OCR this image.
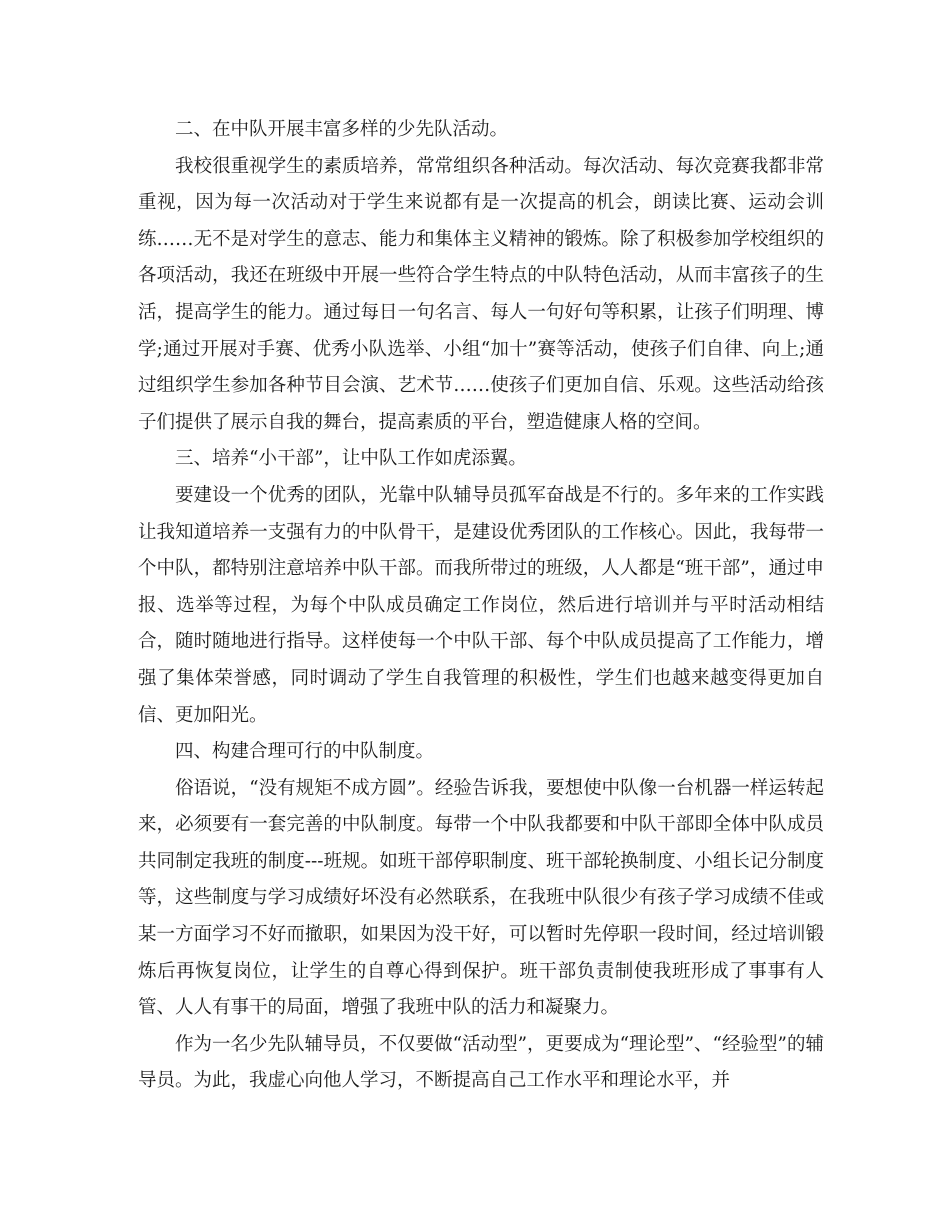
二、在中队开展丰富多样的少先队活动。

我校很重视学生的素质培养，常常组织各种活动。每次活动、每次竞赛我都非常重视，因为每一次活动对于学生来说都有是一次提高的机会，朗读比赛、运动会训练……无不是对学生的意志、能力和集体主义精神的锻炼。除了积极参加学校组织的各项活动，我还在班级中开展一些符合学生特点的中队特色活动，从而丰富孩子的生活，提高学生的能力。通过每日一句名言、每人一句好句等积累，让孩子们明理、博学;通过开展对手赛、优秀小队选举、小组“加十”赛等活动，使孩子们自律、向上;通过组织学生参加各种节目会演、艺术节……使孩子们更加自信、乐观。这些活动给孩子们提供了展示自我的舞台，提高素质的平台，塑造健康人格的空间。

三、培养“小干部”，让中队工作如虎添翼。

要建设一个优秀的团队，光靠中队辅导员孤军奋战是不行的。多年来的工作实践让我知道培养一支强有力的中队骨干，是建设优秀团队的工作核心。因此，我每带一个中队，都特别注意培养中队干部。而我所带过的班级，人人都是“班干部”，通过申报、选举等过程，为每个中队成员确定工作岗位，然后进行培训并与平时活动相结合，随时随地进行指导。这样使每一个中队干部、每个中队成员提高了工作能力，增强了集体荣誉感，同时调动了学生自我管理的积极性，学生们也越来越变得更加自信、更加阳光。

四、构建合理可行的中队制度。

俗语说，“没有规矩不成方圆”。经验告诉我，要想使中队像一台机器一样运转起来，必须要有一套完善的中队制度。每带一个中队我都要和中队干部即全体中队成员共同制定我班的制度---班规。如班干部停职制度、班干部轮换制度、小组长记分制度等，这些制度与学习成绩好坏没有必然联系，在我班中队很少有孩子学习成绩不佳或某一方面学习不好而撤职，如果因为没干好，可以暂时先停职一段时间，经过培训锻炼后再恢复岗位，让学生的自尊心得到保护。班干部负责制使我班形成了事事有人管、人人有事干的局面，增强了我班中队的活力和凝聚力。

作为一名少先队辅导员，不仅要做“活动型”，更要成为“理论型”、“经验型”的辅导员。为此，我虚心向他人学习，不断提高自己工作水平和理论水平，并
